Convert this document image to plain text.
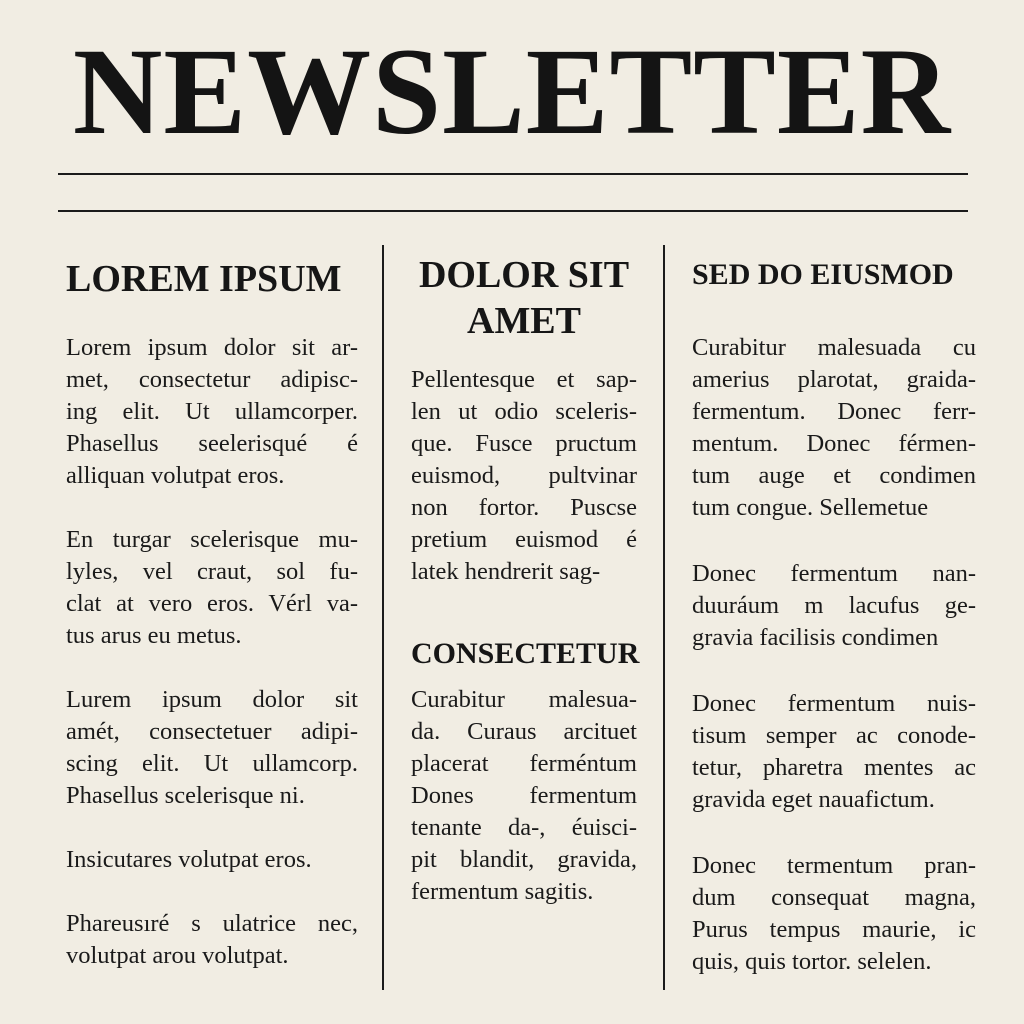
NEWSLETTER
LOREM IPSUM

Lorem ipsum dolor sit ar-
met, consectetur adipisc-
ing elit. Ut ullamcorper.
Phasellus seelerisqué é
alliquan volutpat eros.

En turgar scelerisque mu-
lyles, vel craut, sol fu-
clat at vero eros. Vérl va-
tus arus eu metus.

Lurem ipsum dolor sit
amét, consectetuer adipi-
scing elit. Ut ullamcorp.
Phasellus scelerisque ni.

Insicutares volutpat eros.

Phareusıré s ulatrice nec,
volutpat arou volutpat.

DOLOR SIT
AMET

Pellentesque et sap-
len ut odio sceleris-
que. Fusce pructum
euismod, pultvinar
non fortor. Puscse
pretium euismod é
latek hendrerit sag-

CONSECTETUR

Curabitur malesua-
da. Curaus arcituet
placerat ferméntum
Dones fermentum
tenante da-, éuisci-
pit blandit, gravida,
fermentum sagitis.

SED DO EIUSMOD

Curabitur malesuada cu
amerius plarotat, graida-
fermentum. Donec ferr-
mentum. Donec férmen-
tum auge et condimen
tum congue. Sellemetue

Donec fermentum nan-
duuráum m lacufus ge-
gravia facilisis condimen

Donec fermentum nuis-
tisum semper ac conode-
tetur, pharetra mentes ac
gravida eget nauafictum.

Donec termentum pran-
dum consequat magna,
Purus tempus maurie, ic
quis, quis tortor. selelen.
